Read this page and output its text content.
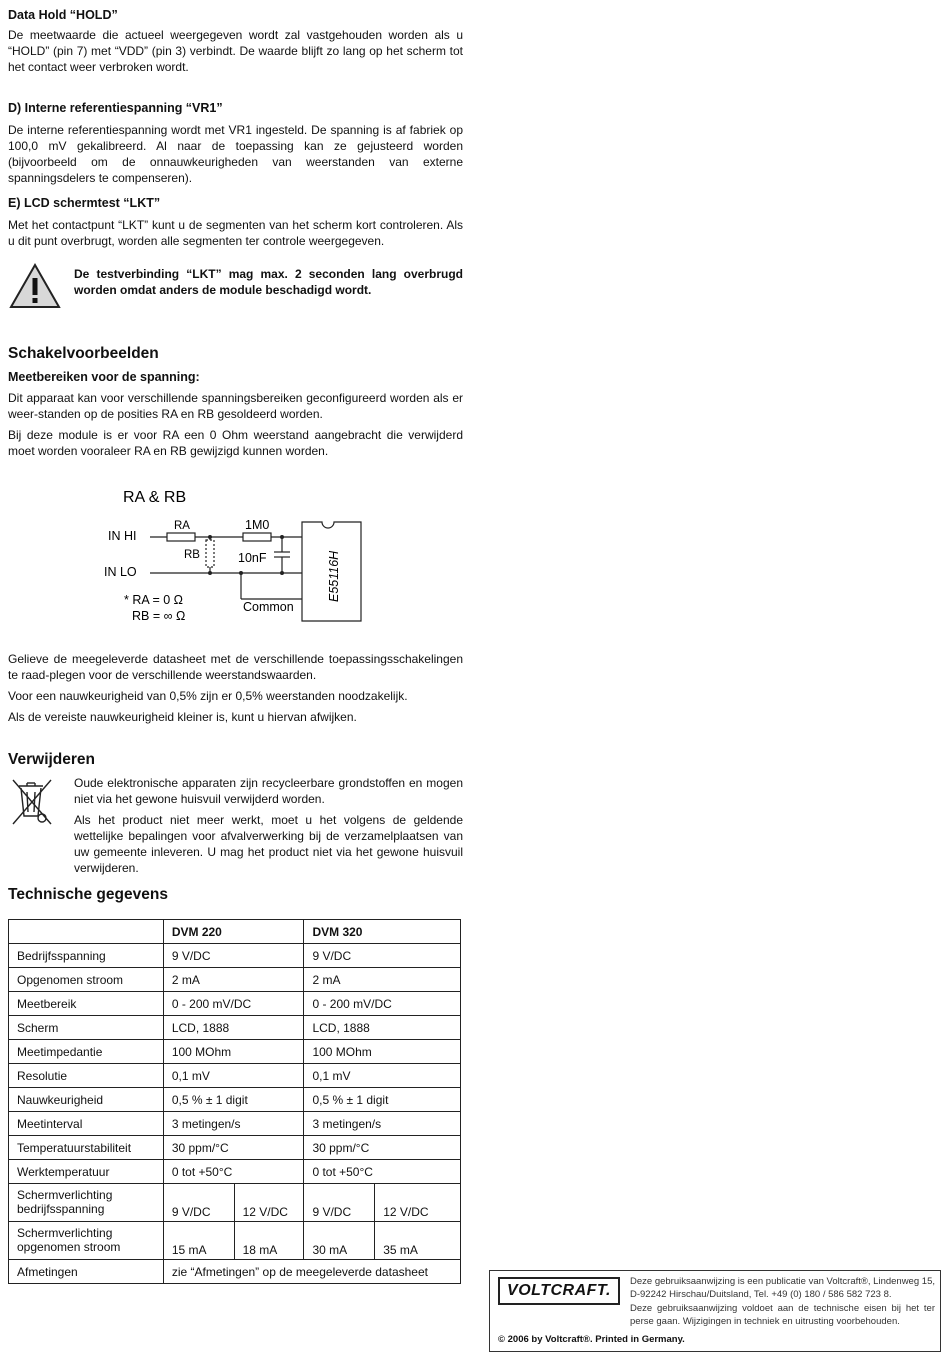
Data Hold “HOLD”
De meetwaarde die actueel weergegeven wordt zal vastgehouden worden als u “HOLD” (pin 7) met “VDD” (pin 3) verbindt. De waarde blijft zo lang op het scherm tot het contact weer verbroken wordt.
D) Interne referentiespanning “VR1”
De interne referentiespanning wordt met VR1 ingesteld. De spanning is af fabriek op 100,0 mV gekalibreerd. Al naar de toepassing kan ze gejusteerd worden (bijvoorbeeld om de onnauwkeurigheden van weerstanden van externe spanningsdelers te compenseren).
E) LCD schermtest “LKT”
Met het contactpunt “LKT” kunt u de segmenten van het scherm kort controleren. Als u dit punt overbrugt, worden alle segmenten ter controle weergegeven.
De testverbinding “LKT” mag max. 2 seconden lang overbrugd worden omdat anders de module beschadigd wordt.
Schakelvoorbeelden
Meetbereiken voor de spanning:
Dit apparaat kan voor verschillende spanningsbereiken geconfigureerd worden als er weer-standen op de posities RA en RB gesoldeerd worden.
Bij deze module is er voor RA een 0 Ohm weerstand aangebracht die verwijderd moet worden vooraleer RA en RB gewijzigd kunnen worden.
RA & RB
IN HI
IN LO
RA
RB
1M0
10nF
Common
* RA = 0 Ω
RB = ∞ Ω
E55116H
Gelieve de meegeleverde datasheet met de verschillende toepassingsschakelingen te raad-plegen voor de verschillende weerstandswaarden.
Voor een nauwkeurigheid van 0,5% zijn er 0,5% weerstanden noodzakelijk.
Als de vereiste nauwkeurigheid kleiner is, kunt u hiervan afwijken.
Verwijderen
Oude elektronische apparaten zijn recycleerbare grondstoffen en mogen niet via het gewone huisvuil verwijderd worden.
Als het product niet meer werkt, moet u het volgens de geldende wettelijke bepalingen voor afvalverwerking bij de verzamelplaatsen van uw gemeente inleveren. U mag het product niet via het gewone huisvuil verwijderen.
Technische gegevens
	DVM 220		DVM 320	
Bedrijfsspanning	9 V/DC		9 V/DC	
Opgenomen stroom	2 mA		2 mA	
Meetbereik	0 - 200 mV/DC		0 - 200 mV/DC	
Scherm	LCD, 1888		LCD, 1888	
Meetimpedantie	100 MOhm		100 MOhm	
Resolutie	0,1 mV		0,1 mV	
Nauwkeurigheid	0,5 % ± 1 digit		0,5 % ± 1 digit	
Meetinterval	3 metingen/s		3 metingen/s	
Temperatuurstabiliteit	30 ppm/°C		30 ppm/°C	
Werktemperatuur	0 tot +50°C		0 tot +50°C	
Schermverlichting bedrijfsspanning	9 V/DC	12 V/DC	9 V/DC	12 V/DC
Schermverlichting opgenomen stroom	15 mA	18 mA	30 mA	35 mA
Afmetingen	zie “Afmetingen” op de meegeleverde datasheet			
VOLTCRAFT.
Deze gebruiksaanwijzing is een publicatie van Voltcraft®, Lindenweg 15, D-92242 Hirschau/Duitsland, Tel. +49 (0) 180 / 586 582 723 8.
Deze gebruiksaanwijzing voldoet aan de technische eisen bij het ter perse gaan. Wijzigingen in techniek en uitrusting voorbehouden.
© 2006 by Voltcraft®. Printed in Germany.
